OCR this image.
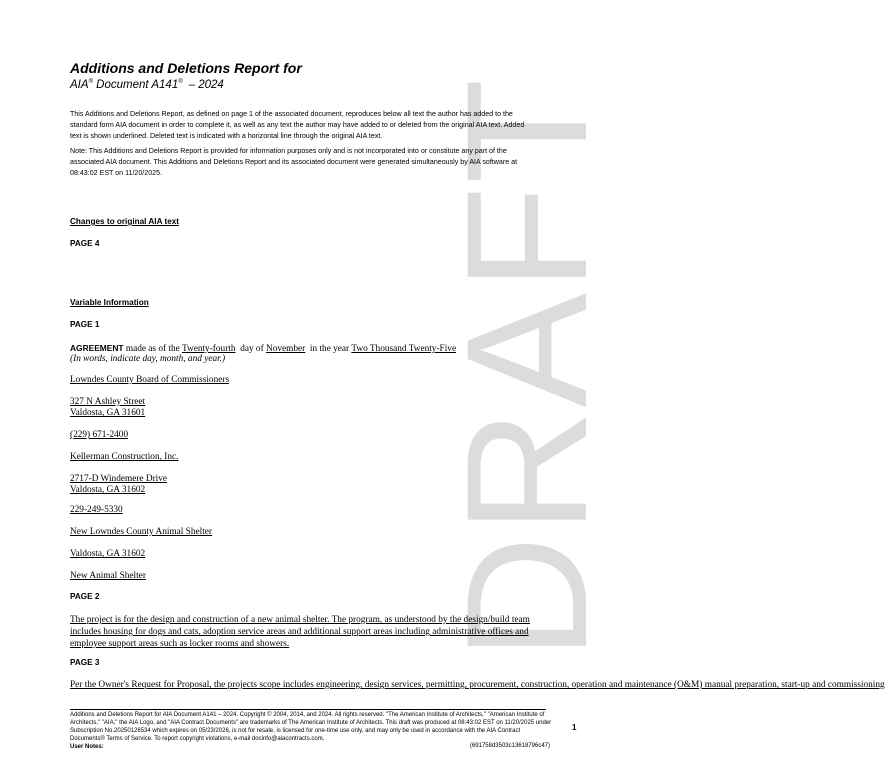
DRAFT
Additions and Deletions Report for
AIA® Document A141® – 2024
This Additions and Deletions Report, as defined on page 1 of the associated document, reproduces below all text the author has added to the standard form AIA document in order to complete it, as well as any text the author may have added to or deleted from the original AIA text. Added text is shown underlined. Deleted text is indicated with a horizontal line through the original AIA text.
Note: This Additions and Deletions Report is provided for information purposes only and is not incorporated into or constitute any part of the associated AIA document. This Additions and Deletions Report and its associated document were generated simultaneously by AIA software at 08:43:02 EST on 11/20/2025.
Changes to original AIA text
PAGE 4
Variable Information
PAGE 1
AGREEMENT made as of the Twenty-fourth day of November in the year Two Thousand Twenty-Five
(In words, indicate day, month, and year.)
Lowndes County Board of Commissioners
327 N Ashley Street
Valdosta, GA 31601
(229) 671-2400
Kellerman Construction, Inc.
2717-D Windemere Drive
Valdosta, GA 31602
229-249-5330
New Lowndes County Animal Shelter
Valdosta, GA 31602
New Animal Shelter
PAGE 2
The project is for the design and construction of a new animal shelter. The program, as understood by the design/build team includes housing for dogs and cats, adoption service areas and additional support areas including administrative offices and employee support areas such as locker rooms and showers.
PAGE 3
Per the Owner's Request for Proposal, the projects scope includes engineering, design services, permitting, procurement, construction, operation and maintenance (O&M) manual preparation, start-up and commissioning
Additions and Deletions Report for AIA Document A141 – 2024. Copyright © 2004, 2014, and 2024. All rights reserved. "The American Institute of Architects," "American Institute of Architects," "AIA," the AIA Logo, and "AIA Contract Documents" are trademarks of The American Institute of Architects. This draft was produced at 08:43:02 EST on 11/20/2025 under Subscription No.20250126534 which expires on 05/23/2026, is not for resale, is licensed for one-time use only, and may only be used in accordance with the AIA Contract Documents® Terms of Service. To report copyright violations, e-mail docinfo@aiacontracts.com.
User Notes:	(691758d3503c13618796c47)
1
